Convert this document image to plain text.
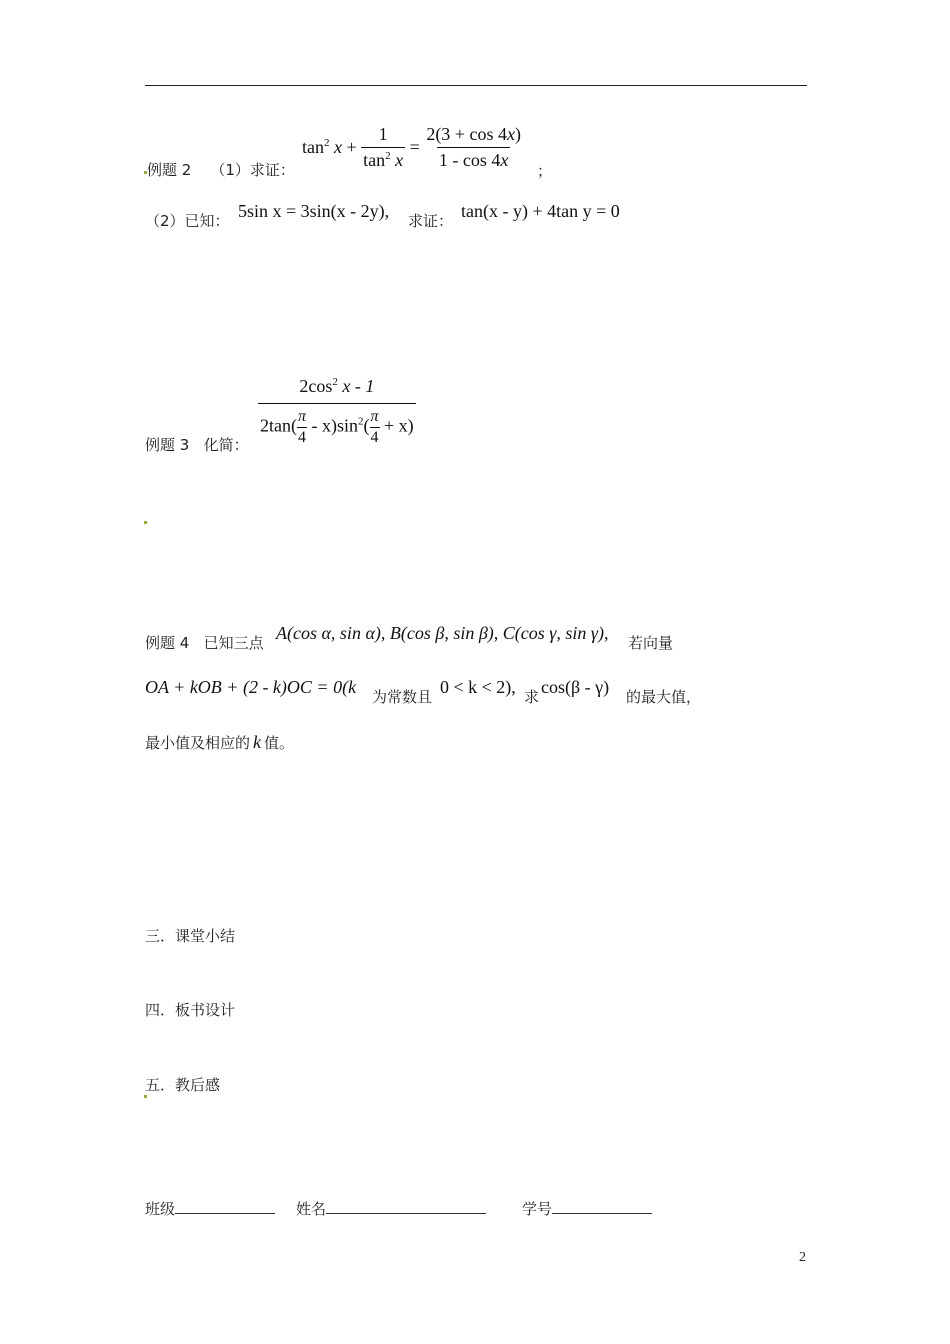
例题 2 （1）求证：
$\tan^2 x + \frac{1}{\tan^2 x} = \frac{2(3 + \cos 4x)}{1 - \cos 4x}$ ；
（2）已知： 5sin x = 3sin(x - 2y), 求证： tan(x - y) + 4tan y = 0
$\frac{2\cos^2 x - 1}{2\tan( \frac{\pi}{4} - x)\sin^2( \frac{\pi}{4} + x)}$
例题 3 化简：
例题 4 已知三点 A(cos α, sin α), B(cos β, sin β), C(cos γ, sin γ), 若向量
OA + kOB + (2 - k)OC = 0(k 为常数且 0 < k < 2), 求 cos(β - γ) 的最大值，
最小值及相应的 k 值。
三．课堂小结
四．板书设计
五．教后感
班级	姓名	学号
2
